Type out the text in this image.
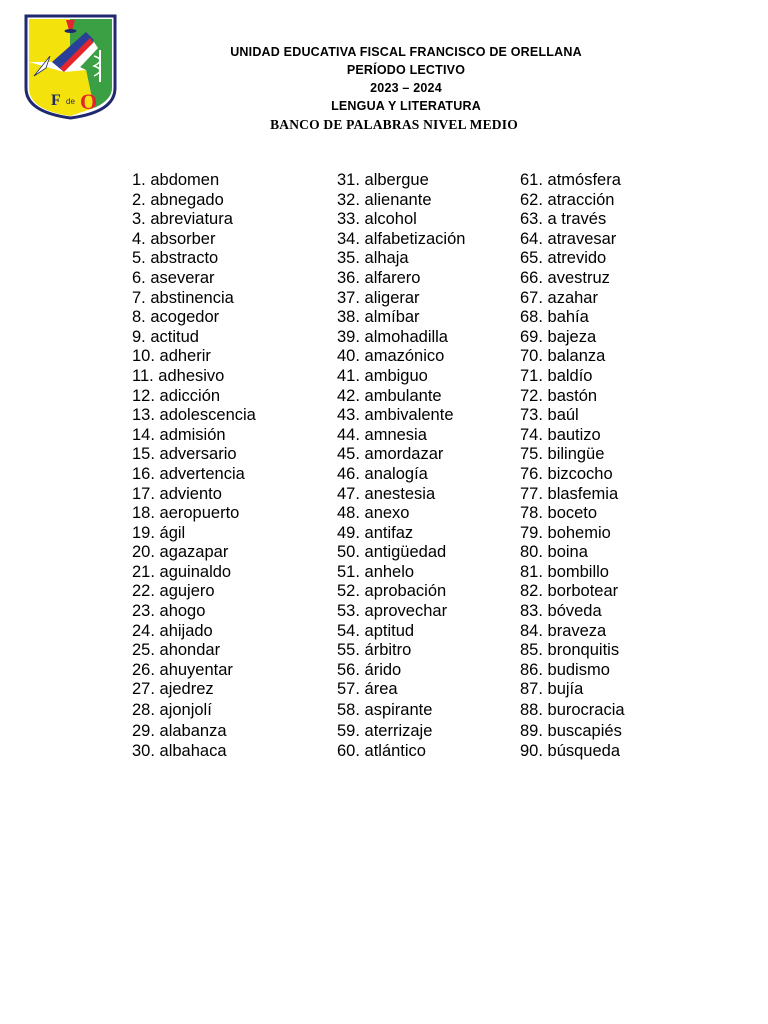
F de O
UNIDAD EDUCATIVA FISCAL FRANCISCO DE ORELLANA
PERÍODO LECTIVO
2023 – 2024
LENGUA Y LITERATURA
BANCO DE PALABRAS NIVEL MEDIO
1. abdomen
2. abnegado
3. abreviatura
4. absorber
5. abstracto
6. aseverar
7. abstinencia
8. acogedor
9. actitud
10. adherir
11. adhesivo
12. adicción
13. adolescencia
14. admisión
15. adversario
16. advertencia
17. adviento
18. aeropuerto
19. ágil
20. agazapar
21. aguinaldo
22. agujero
23. ahogo
24. ahijado
25. ahondar
26. ahuyentar
27. ajedrez
28. ajonjolí
29. alabanza
30. albahaca
31. albergue
32. alienante
33. alcohol
34. alfabetización
35. alhaja
36. alfarero
37. aligerar
38. almíbar
39. almohadilla
40. amazónico
41. ambiguo
42. ambulante
43. ambivalente
44. amnesia
45. amordazar
46. analogía
47. anestesia
48. anexo
49. antifaz
50. antigüedad
51. anhelo
52. aprobación
53. aprovechar
54. aptitud
55. árbitro
56. árido
57. área
58. aspirante
59. aterrizaje
60. atlántico
61. atmósfera
62. atracción
63. a través
64. atravesar
65. atrevido
66. avestruz
67. azahar
68. bahía
69. bajeza
70. balanza
71. baldío
72. bastón
73. baúl
74. bautizo
75. bilingüe
76. bizcocho
77. blasfemia
78. boceto
79. bohemio
80. boina
81. bombillo
82. borbotear
83. bóveda
84. braveza
85. bronquitis
86. budismo
87. bujía
88. burocracia
89. buscapiés
90. búsqueda
